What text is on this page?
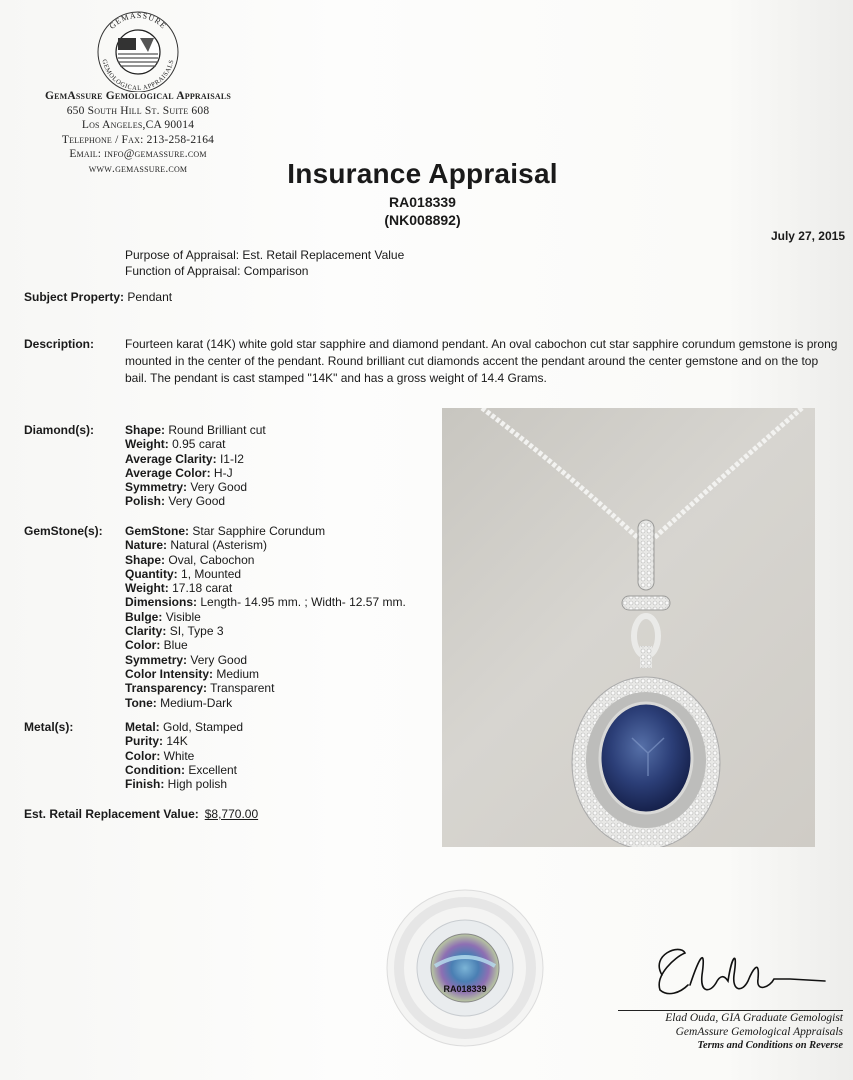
GEMASSURE
GEMOLOGICAL APPRAISALS
GemAssure Gemological Appraisals
650 South Hill St. Suite 608
Los Angeles,CA 90014
Telephone / Fax: 213-258-2164
Email: info@gemassure.com
www.gemassure.com	Insurance Appraisal
RA018339
(NK008892)
July 27, 2015
Purpose of Appraisal: Est. Retail Replacement Value
Function of Appraisal: Comparison
Subject Property: Pendant
Description:	Fourteen karat (14K) white gold star sapphire and diamond pendant. An oval cabochon cut star sapphire corundum gemstone is prong mounted in the center of the pendant. Round brilliant cut diamonds accent the pendant around the center gemstone and on the top bail. The pendant is cast stamped "14K" and has a gross weight of 14.4 Grams.
Diamond(s):	Shape: Round Brilliant cut
Weight: 0.95 carat
Average Clarity: I1-I2
Average Color: H-J
Symmetry: Very Good
Polish: Very Good
GemStone(s): GemStone: Star Sapphire Corundum
Nature: Natural (Asterism)
Shape: Oval, Cabochon
Quantity: 1, Mounted
Weight: 17.18 carat
Dimensions: Length- 14.95 mm. ; Width- 12.57 mm.
Bulge: Visible
Clarity: SI, Type 3
Color: Blue
Symmetry: Very Good
Color Intensity: Medium
Transparency: Transparent
Tone: Medium-Dark
Metal(s):	Metal: Gold, Stamped
Purity: 14K
Color: White
Condition: Excellent
Finish: High polish
Est. Retail Replacement Value: $8,770.00
RA018339
Elad Ouda, GIA Graduate Gemologist
GemAssure Gemological Appraisals
Terms and Conditions on Reverse
